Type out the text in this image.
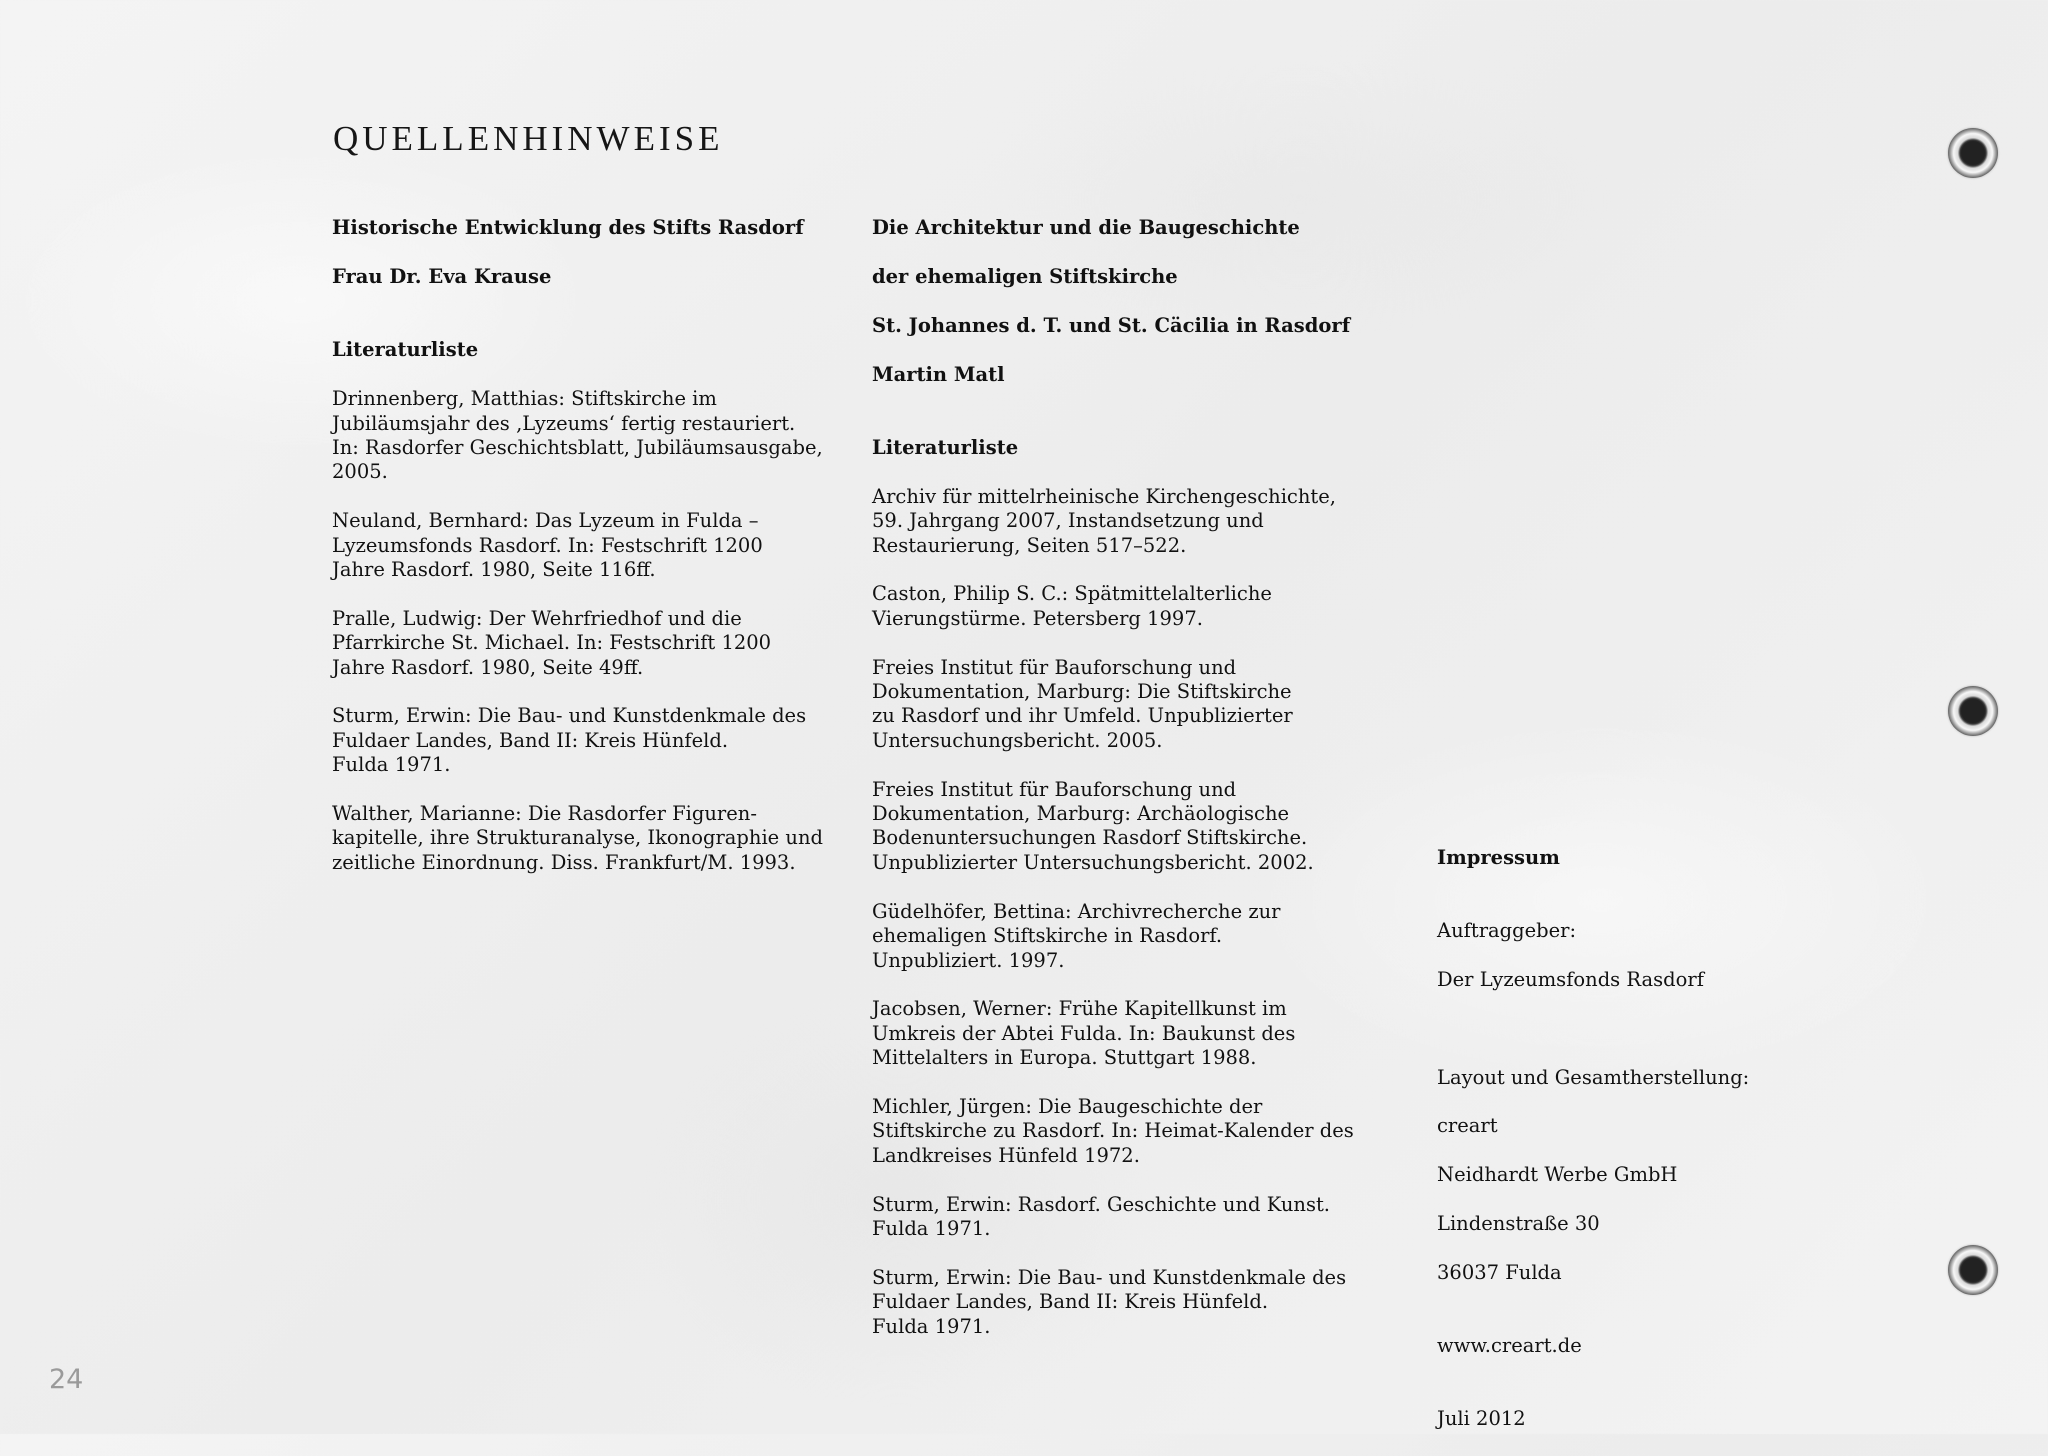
quellenhinweise

Historische Entwicklung des Stifts Rasdorf

Frau Dr. Eva Krause

Literaturliste
Drinnenberg, Matthias: Stiftskirche im
Jubiläumsjahr des ‚Lyzeums‘ fertig restauriert.
In: Rasdorfer Geschichtsblatt, Jubiläumsausgabe,
2005.
Neuland, Bernhard: Das Lyzeum in Fulda –
Lyzeumsfonds Rasdorf. In: Festschrift 1200
Jahre Rasdorf. 1980, Seite 116ff.
Pralle, Ludwig: Der Wehrfriedhof und die
Pfarrkirche St. Michael. In: Festschrift 1200
Jahre Rasdorf. 1980, Seite 49ff.
Sturm, Erwin: Die Bau- und Kunstdenkmale des
Fuldaer Landes, Band II: Kreis Hünfeld.
Fulda 1971.
Walther, Marianne: Die Rasdorfer Figuren-
kapitelle, ihre Strukturanalyse, Ikonographie und
zeitliche Einordnung. Diss. Frankfurt/M. 1993.

Die Architektur und die Baugeschichte

der ehemaligen Stiftskirche

St. Johannes d. T. und St. Cäcilia in Rasdorf

Martin Matl

Literaturliste
Archiv für mittelrheinische Kirchengeschichte,
59. Jahrgang 2007, Instandsetzung und
Restaurierung, Seiten 517–522.
Caston, Philip S. C.: Spätmittelalterliche
Vierungstürme. Petersberg 1997.
Freies Institut für Bauforschung und
Dokumentation, Marburg: Die Stiftskirche
zu Rasdorf und ihr Umfeld. Unpublizierter
Untersuchungsbericht. 2005.
Freies Institut für Bauforschung und
Dokumentation, Marburg: Archäologische
Bodenuntersuchungen Rasdorf Stiftskirche.
Unpublizierter Untersuchungsbericht. 2002.
Güdelhöfer, Bettina: Archivrecherche zur
ehemaligen Stiftskirche in Rasdorf.
Unpubliziert. 1997.
Jacobsen, Werner: Frühe Kapitellkunst im
Umkreis der Abtei Fulda. In: Baukunst des
Mittelalters in Europa. Stuttgart 1988.
Michler, Jürgen: Die Baugeschichte der
Stiftskirche zu Rasdorf. In: Heimat-Kalender des
Landkreises Hünfeld 1972.
Sturm, Erwin: Rasdorf. Geschichte und Kunst.
Fulda 1971.
Sturm, Erwin: Die Bau- und Kunstdenkmale des
Fuldaer Landes, Band II: Kreis Hünfeld.
Fulda 1971.
Impressum

Auftraggeber:

Der Lyzeumsfonds Rasdorf

Layout und Gesamtherstellung:

creart

Neidhardt Werbe GmbH

Lindenstraße 30

36037 Fulda

www.creart.de
Juli 2012
24
